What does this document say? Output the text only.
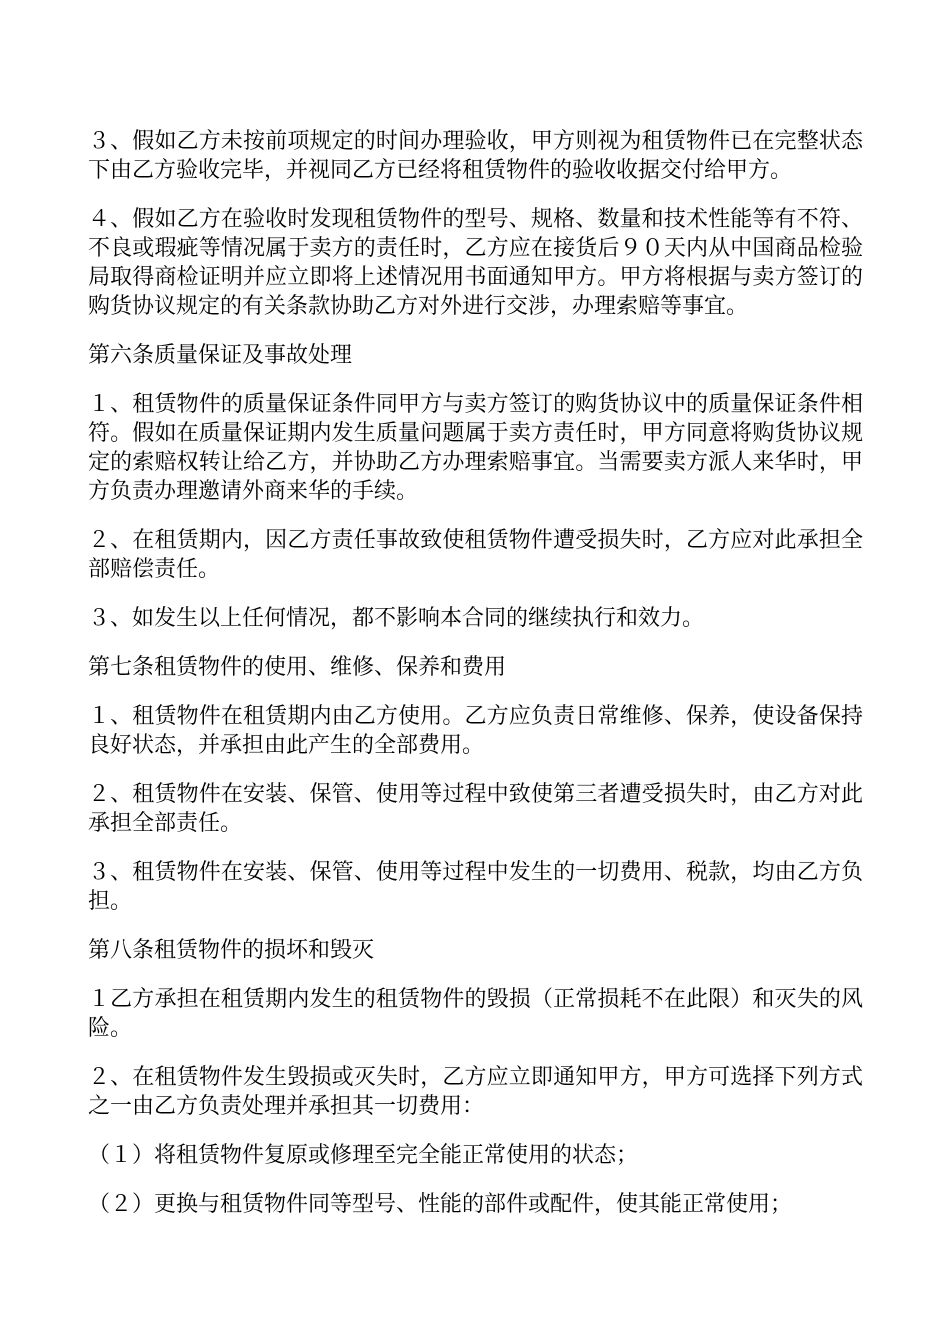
３、假如乙方未按前项规定的时间办理验收，甲方则视为租赁物件已在完整状态下由乙方验收完毕，并视同乙方已经将租赁物件的验收收据交付给甲方。

４、假如乙方在验收时发现租赁物件的型号、规格、数量和技术性能等有不符、不良或瑕疵等情况属于卖方的责任时，乙方应在接货后９０天内从中国商品检验局取得商检证明并应立即将上述情况用书面通知甲方。甲方将根据与卖方签订的购货协议规定的有关条款协助乙方对外进行交涉，办理索赔等事宜。

第六条质量保证及事故处理

１、租赁物件的质量保证条件同甲方与卖方签订的购货协议中的质量保证条件相符。假如在质量保证期内发生质量问题属于卖方责任时，甲方同意将购货协议规定的索赔权转让给乙方，并协助乙方办理索赔事宜。当需要卖方派人来华时，甲方负责办理邀请外商来华的手续。

２、在租赁期内，因乙方责任事故致使租赁物件遭受损失时，乙方应对此承担全部赔偿责任。

３、如发生以上任何情况，都不影响本合同的继续执行和效力。

第七条租赁物件的使用、维修、保养和费用

１、租赁物件在租赁期内由乙方使用。乙方应负责日常维修、保养，使设备保持良好状态，并承担由此产生的全部费用。

２、租赁物件在安装、保管、使用等过程中致使第三者遭受损失时，由乙方对此承担全部责任。

３、租赁物件在安装、保管、使用等过程中发生的一切费用、税款，均由乙方负担。

第八条租赁物件的损坏和毁灭

１乙方承担在租赁期内发生的租赁物件的毁损（正常损耗不在此限）和灭失的风险。

２、在租赁物件发生毁损或灭失时，乙方应立即通知甲方，甲方可选择下列方式之一由乙方负责处理并承担其一切费用：

（１）将租赁物件复原或修理至完全能正常使用的状态；

（２）更换与租赁物件同等型号、性能的部件或配件，使其能正常使用；
